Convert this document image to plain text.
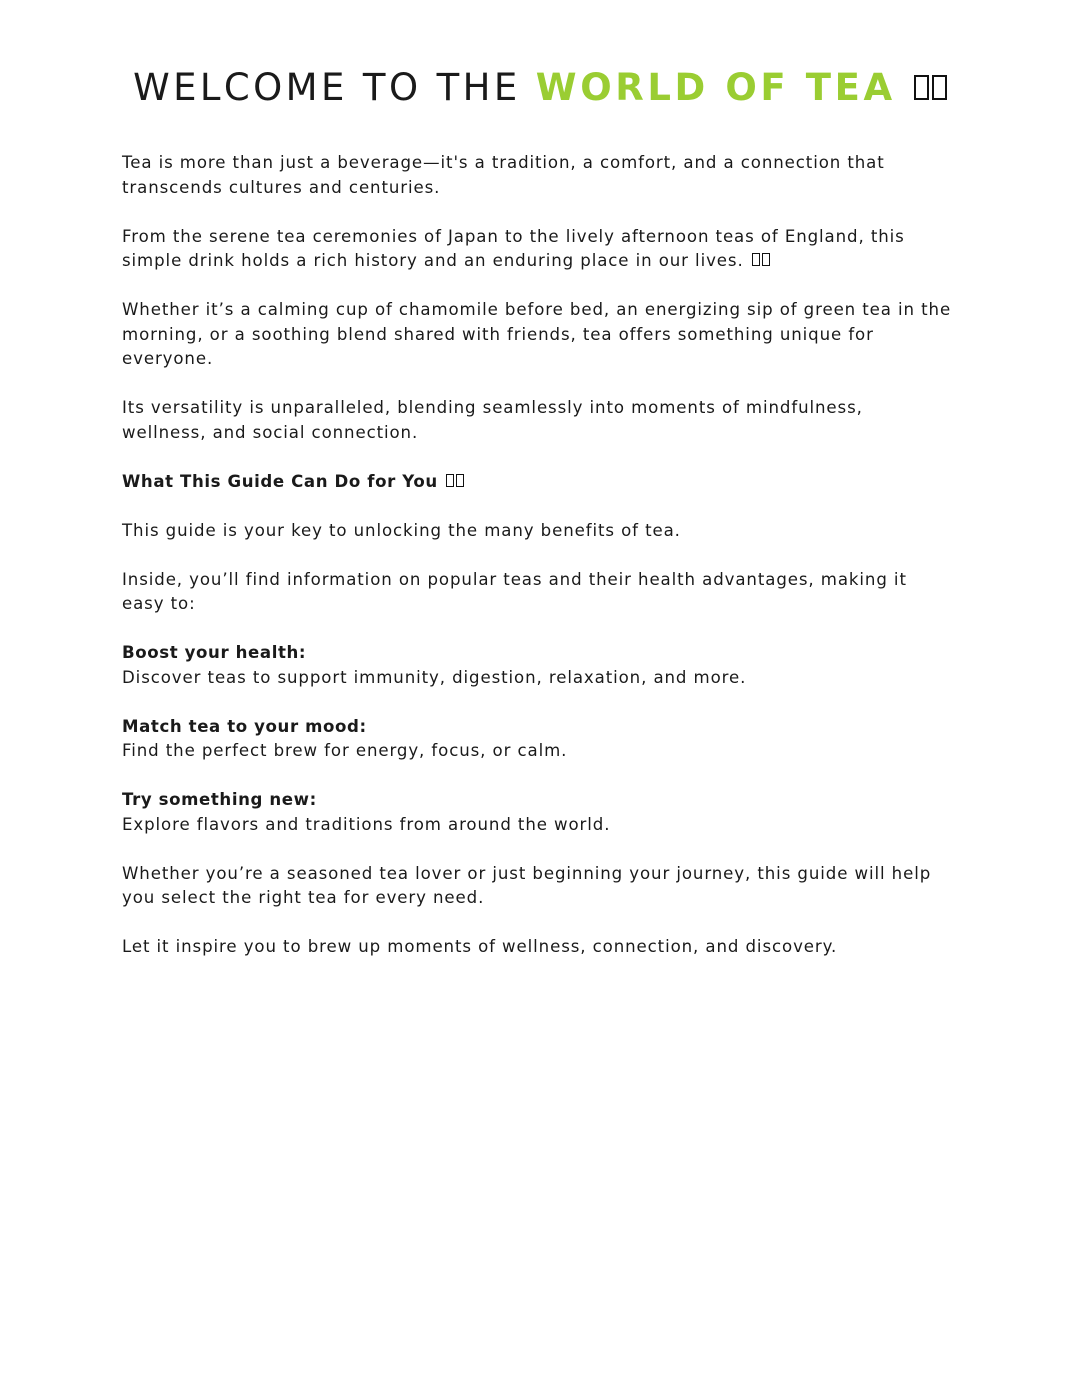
WELCOME TO THE WORLD OF TEA

Tea is more than just a beverage—it's a tradition, a comfort, and a connection that transcends cultures and centuries.

From the serene tea ceremonies of Japan to the lively afternoon teas of England, this simple drink holds a rich history and an enduring place in our lives.

Whether it’s a calming cup of chamomile before bed, an energizing sip of green tea in the morning, or a soothing blend shared with friends, tea offers something unique for everyone.

Its versatility is unparalleled, blending seamlessly into moments of mindfulness, wellness, and social connection.

What This Guide Can Do for You

This guide is your key to unlocking the many benefits of tea.

Inside, you’ll find information on popular teas and their health advantages, making it easy to:

Boost your health:
Discover teas to support immunity, digestion, relaxation, and more.

Match tea to your mood:
Find the perfect brew for energy, focus, or calm.

Try something new:
Explore flavors and traditions from around the world.

Whether you’re a seasoned tea lover or just beginning your journey, this guide will help you select the right tea for every need.

Let it inspire you to brew up moments of wellness, connection, and discovery.
